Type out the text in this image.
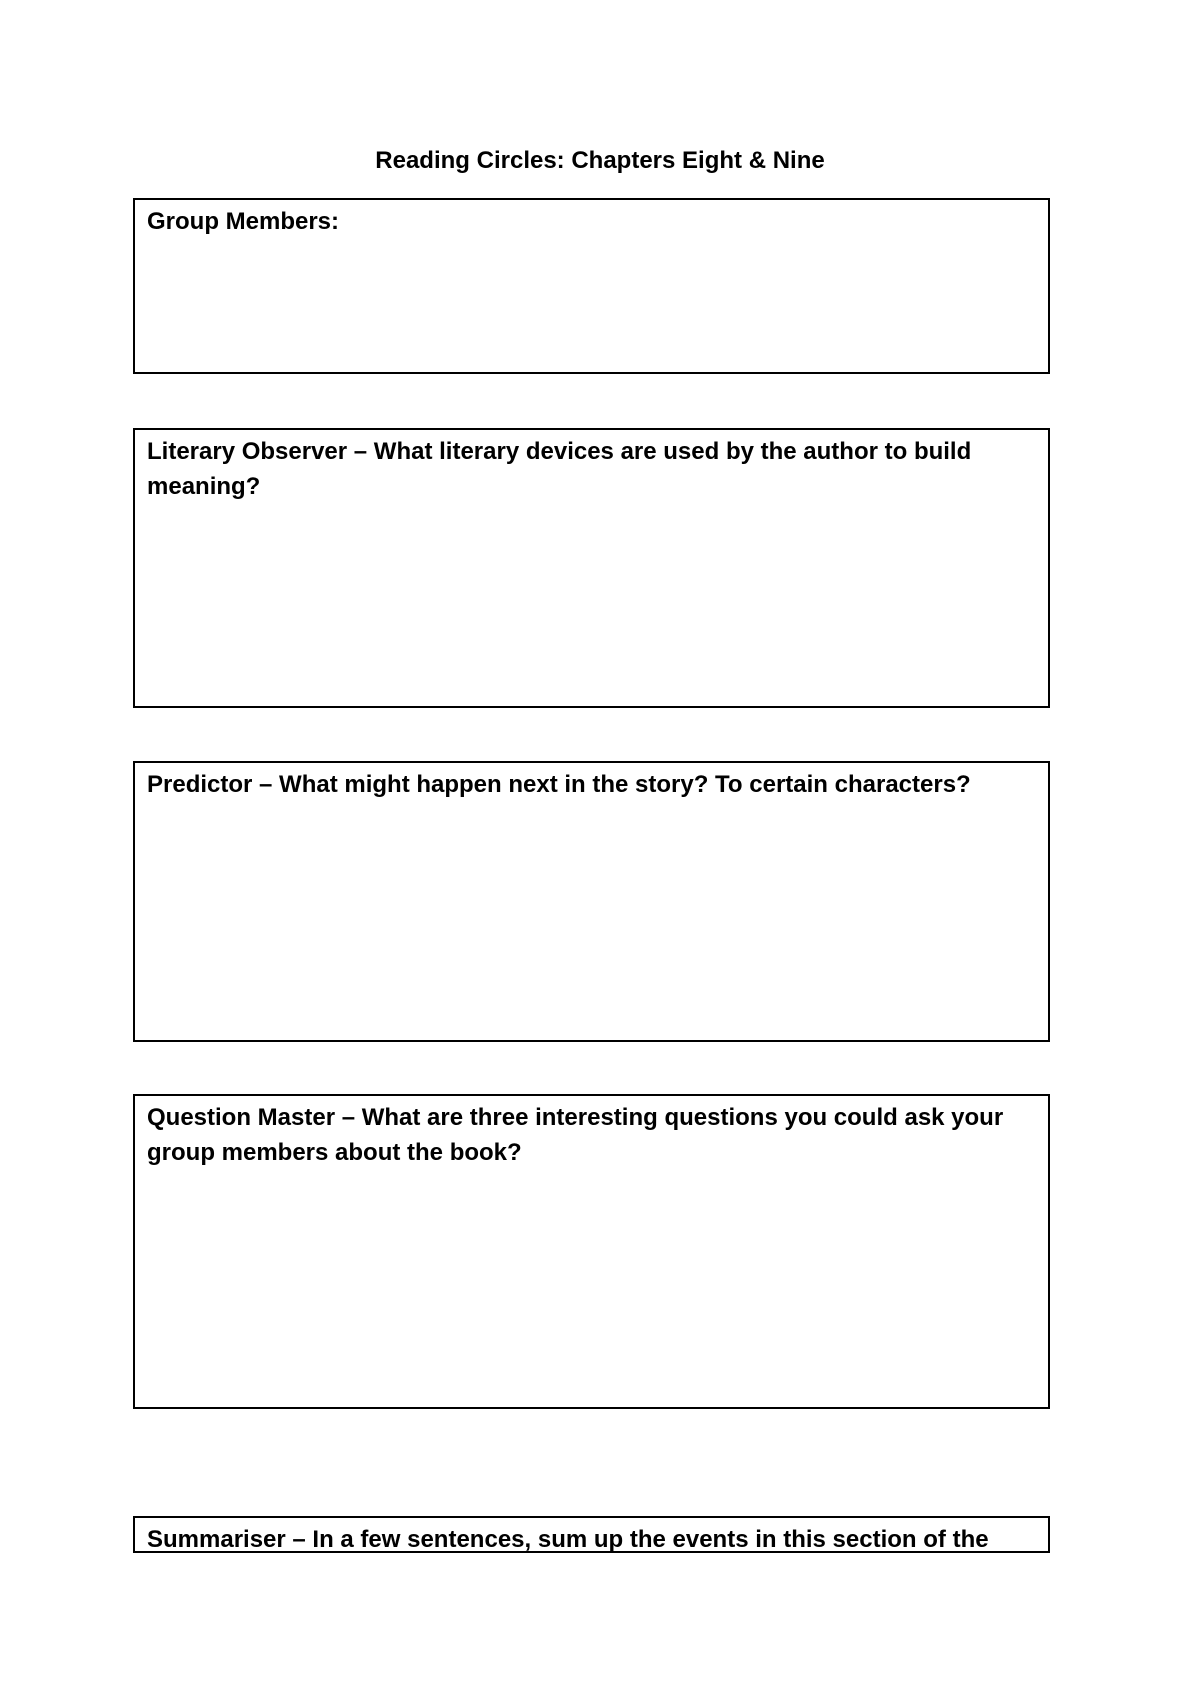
Reading Circles: Chapters Eight & Nine
Group Members:
Literary Observer – What literary devices are used by the author to build meaning?
Predictor – What might happen next in the story? To certain characters?
Question Master – What are three interesting questions you could ask your group members about the book?
Summariser – In a few sentences, sum up the events in this section of the
